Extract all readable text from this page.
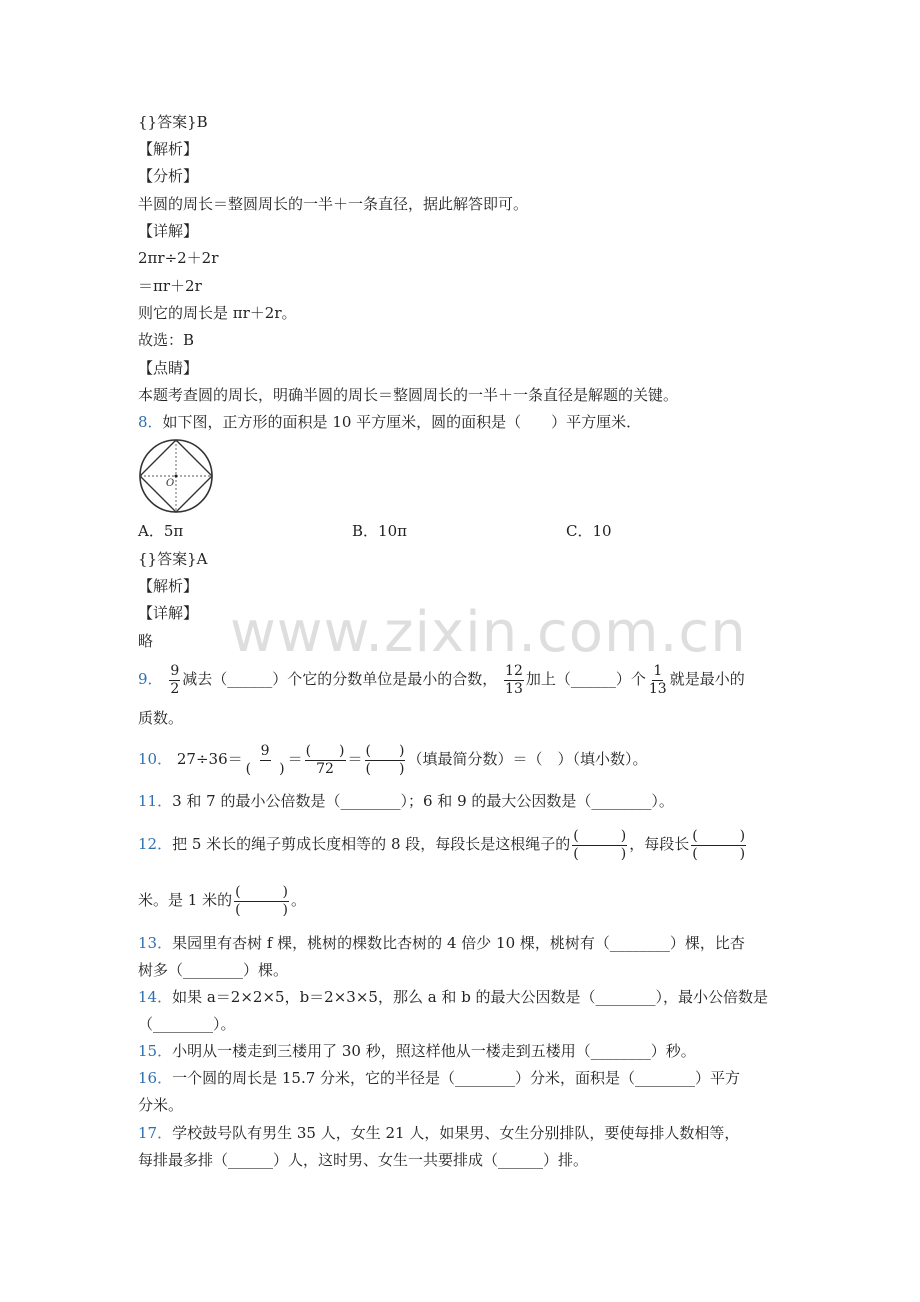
{}答案}B
【解析】
【分析】
半圆的周长＝整圆周长的一半＋一条直径，据此解答即可。
【详解】
2πr÷2＋2r
＝πr＋2r
则它的周长是 πr＋2r。
故选：B
【点睛】
本题考查圆的周长，明确半圆的周长＝整圆周长的一半＋一条直径是解题的关键。
8．如下图，正方形的面积是 10 平方厘米，圆的面积是（　　）平方厘米．
O
A．5π	B．10π	C．10
{}答案}A
【解析】
【详解】
略
9． $\frac{9}{2}$ 减去（______）个它的分数单位是最小的合数， $\frac{12}{13}$ 加上（______）个 $\frac{1}{13}$ 就是最小的
质数。
10． $27\div 36= \frac{9}{( )} = \frac{( )}{72} = \frac{( )}{( )}$ （填最简分数）＝（　）（填小数）。
11．3 和 7 的最小公倍数是（________）；6 和 9 的最大公因数是（________）。
12．把 5 米长的绳子剪成长度相等的 8 段，每段长是这根绳子的 $\frac{( )}{( )}$ ，每段长 $\frac{( )}{( )}$
米。是 1 米的 $\frac{( )}{( )}$ 。
13．果园里有杏树 f 棵，桃树的棵数比杏树的 4 倍少 10 棵，桃树有（________）棵，比杏
树多（________）棵。
14．如果 a＝2×2×5，b＝2×3×5，那么 a 和 b 的最大公因数是（________），最小公倍数是
（________）。
15．小明从一楼走到三楼用了 30 秒，照这样他从一楼走到五楼用（________）秒。
16．一个圆的周长是 15.7 分米，它的半径是（________）分米，面积是（________）平方
分米。
17．学校鼓号队有男生 35 人，女生 21 人，如果男、女生分别排队，要使每排人数相等，
每排最多排（______）人，这时男、女生一共要排成（______）排。
www.zixin.com.cn
